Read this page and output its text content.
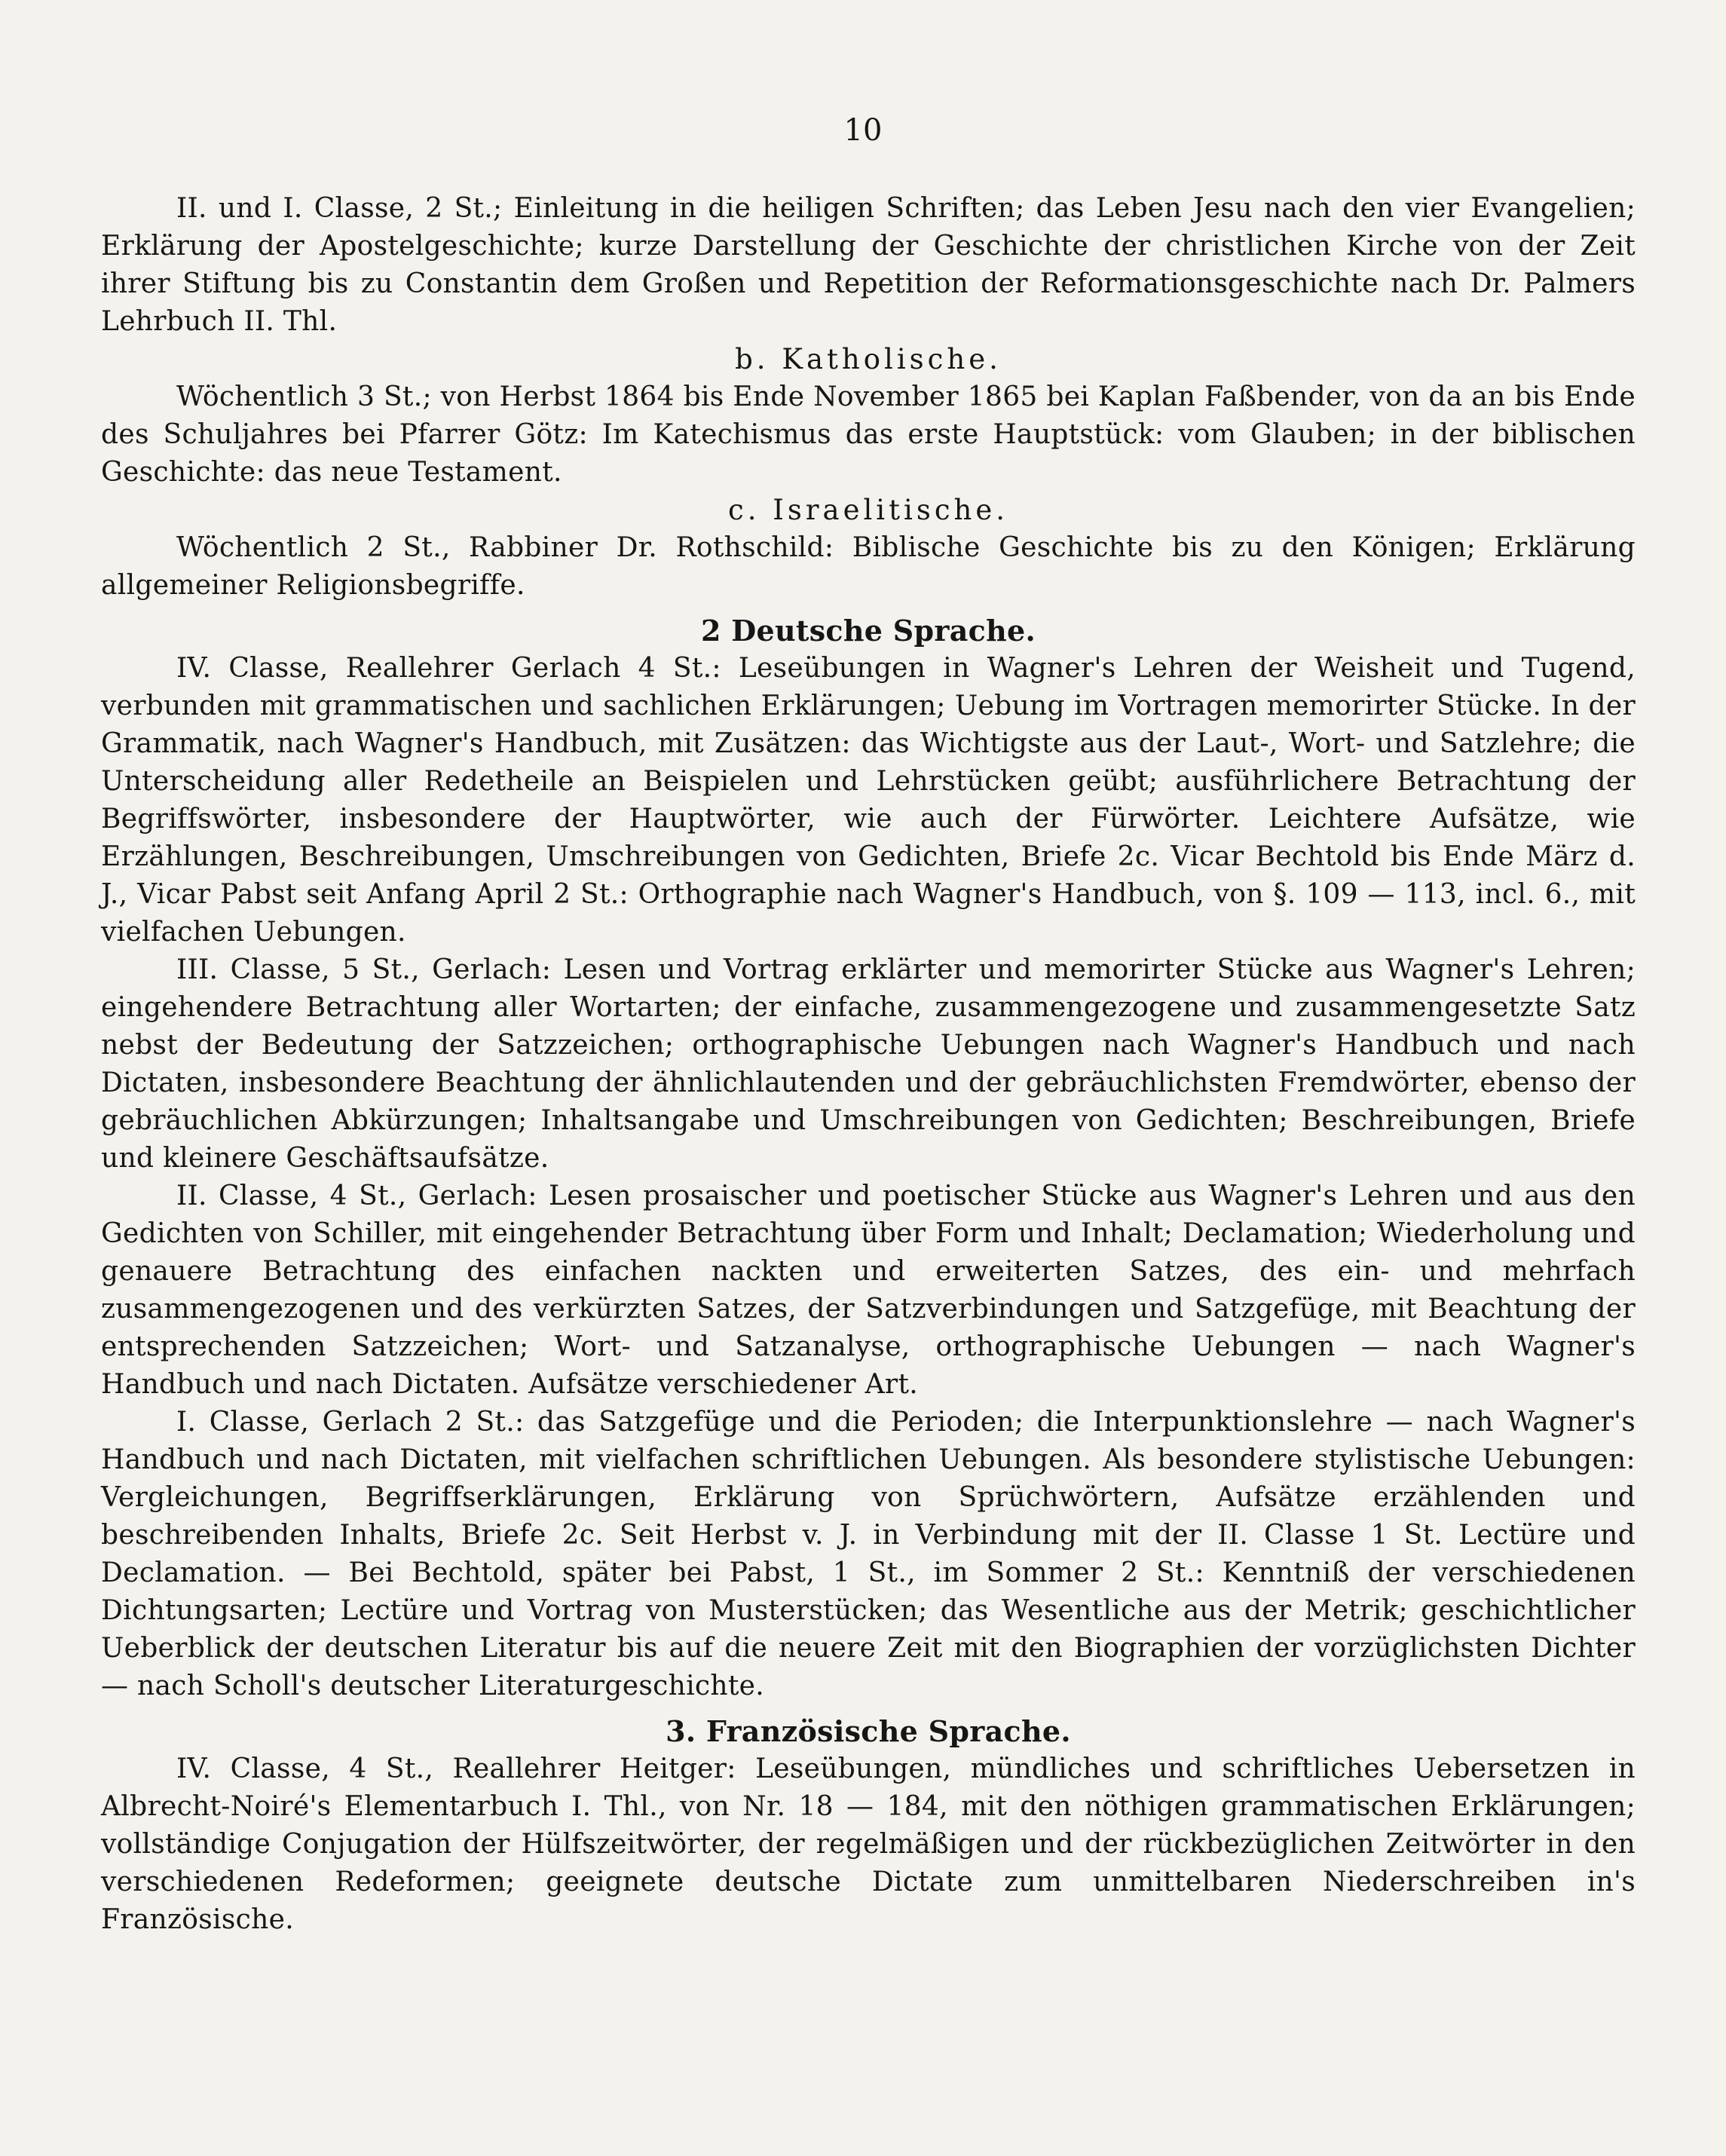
10

II. und I. Classe, 2 St.; Einleitung in die heiligen Schriften; das Leben Jesu nach den vier Evangelien; Erklärung der Apostelgeschichte; kurze Darstellung der Geschichte der christlichen Kirche von der Zeit ihrer Stiftung bis zu Constantin dem Großen und Repetition der Reformationsgeschichte nach Dr. Palmers Lehrbuch II. Thl.

b. Katholische.

Wöchentlich 3 St.; von Herbst 1864 bis Ende November 1865 bei Kaplan Faßbender, von da an bis Ende des Schuljahres bei Pfarrer Götz: Im Katechismus das erste Hauptstück: vom Glauben; in der biblischen Geschichte: das neue Testament.

c. Israelitische.

Wöchentlich 2 St., Rabbiner Dr. Rothschild: Biblische Geschichte bis zu den Königen; Erklärung allgemeiner Religionsbegriffe.

2 Deutsche Sprache.

IV. Classe, Reallehrer Gerlach 4 St.: Leseübungen in Wagner's Lehren der Weisheit und Tugend, verbunden mit grammatischen und sachlichen Erklärungen; Uebung im Vortragen memorirter Stücke. In der Grammatik, nach Wagner's Handbuch, mit Zusätzen: das Wichtigste aus der Laut-, Wort- und Satzlehre; die Unterscheidung aller Redetheile an Beispielen und Lehrstücken geübt; ausführlichere Betrachtung der Begriffswörter, insbesondere der Hauptwörter, wie auch der Fürwörter. Leichtere Aufsätze, wie Erzählungen, Beschreibungen, Umschreibungen von Gedichten, Briefe 2c. Vicar Bechtold bis Ende März d. J., Vicar Pabst seit Anfang April 2 St.: Orthographie nach Wagner's Handbuch, von §. 109 — 113, incl. 6., mit vielfachen Uebungen.

III. Classe, 5 St., Gerlach: Lesen und Vortrag erklärter und memorirter Stücke aus Wagner's Lehren; eingehendere Betrachtung aller Wortarten; der einfache, zusammengezogene und zusammengesetzte Satz nebst der Bedeutung der Satzzeichen; orthographische Uebungen nach Wagner's Handbuch und nach Dictaten, insbesondere Beachtung der ähnlichlautenden und der gebräuchlichsten Fremdwörter, ebenso der gebräuchlichen Abkürzungen; Inhaltsangabe und Umschreibungen von Gedichten; Beschreibungen, Briefe und kleinere Geschäftsaufsätze.

II. Classe, 4 St., Gerlach: Lesen prosaischer und poetischer Stücke aus Wagner's Lehren und aus den Gedichten von Schiller, mit eingehender Betrachtung über Form und Inhalt; Declamation; Wiederholung und genauere Betrachtung des einfachen nackten und erweiterten Satzes, des ein- und mehrfach zusammengezogenen und des verkürzten Satzes, der Satzverbindungen und Satzgefüge, mit Beachtung der entsprechenden Satzzeichen; Wort- und Satzanalyse, orthographische Uebungen — nach Wagner's Handbuch und nach Dictaten. Aufsätze verschiedener Art.

I. Classe, Gerlach 2 St.: das Satzgefüge und die Perioden; die Interpunktionslehre — nach Wagner's Handbuch und nach Dictaten, mit vielfachen schriftlichen Uebungen. Als besondere stylistische Uebungen: Vergleichungen, Begriffserklärungen, Erklärung von Sprüchwörtern, Aufsätze erzählenden und beschreibenden Inhalts, Briefe 2c. Seit Herbst v. J. in Verbindung mit der II. Classe 1 St. Lectüre und Declamation. — Bei Bechtold, später bei Pabst, 1 St., im Sommer 2 St.: Kenntniß der verschiedenen Dichtungsarten; Lectüre und Vortrag von Musterstücken; das Wesentliche aus der Metrik; geschichtlicher Ueberblick der deutschen Literatur bis auf die neuere Zeit mit den Biographien der vorzüglichsten Dichter — nach Scholl's deutscher Literaturgeschichte.

3. Französische Sprache.

IV. Classe, 4 St., Reallehrer Heitger: Leseübungen, mündliches und schriftliches Uebersetzen in Albrecht-Noiré's Elementarbuch I. Thl., von Nr. 18 — 184, mit den nöthigen grammatischen Erklärungen; vollständige Conjugation der Hülfszeitwörter, der regelmäßigen und der rückbezüglichen Zeitwörter in den verschiedenen Redeformen; geeignete deutsche Dictate zum unmittelbaren Niederschreiben in's Französische.
